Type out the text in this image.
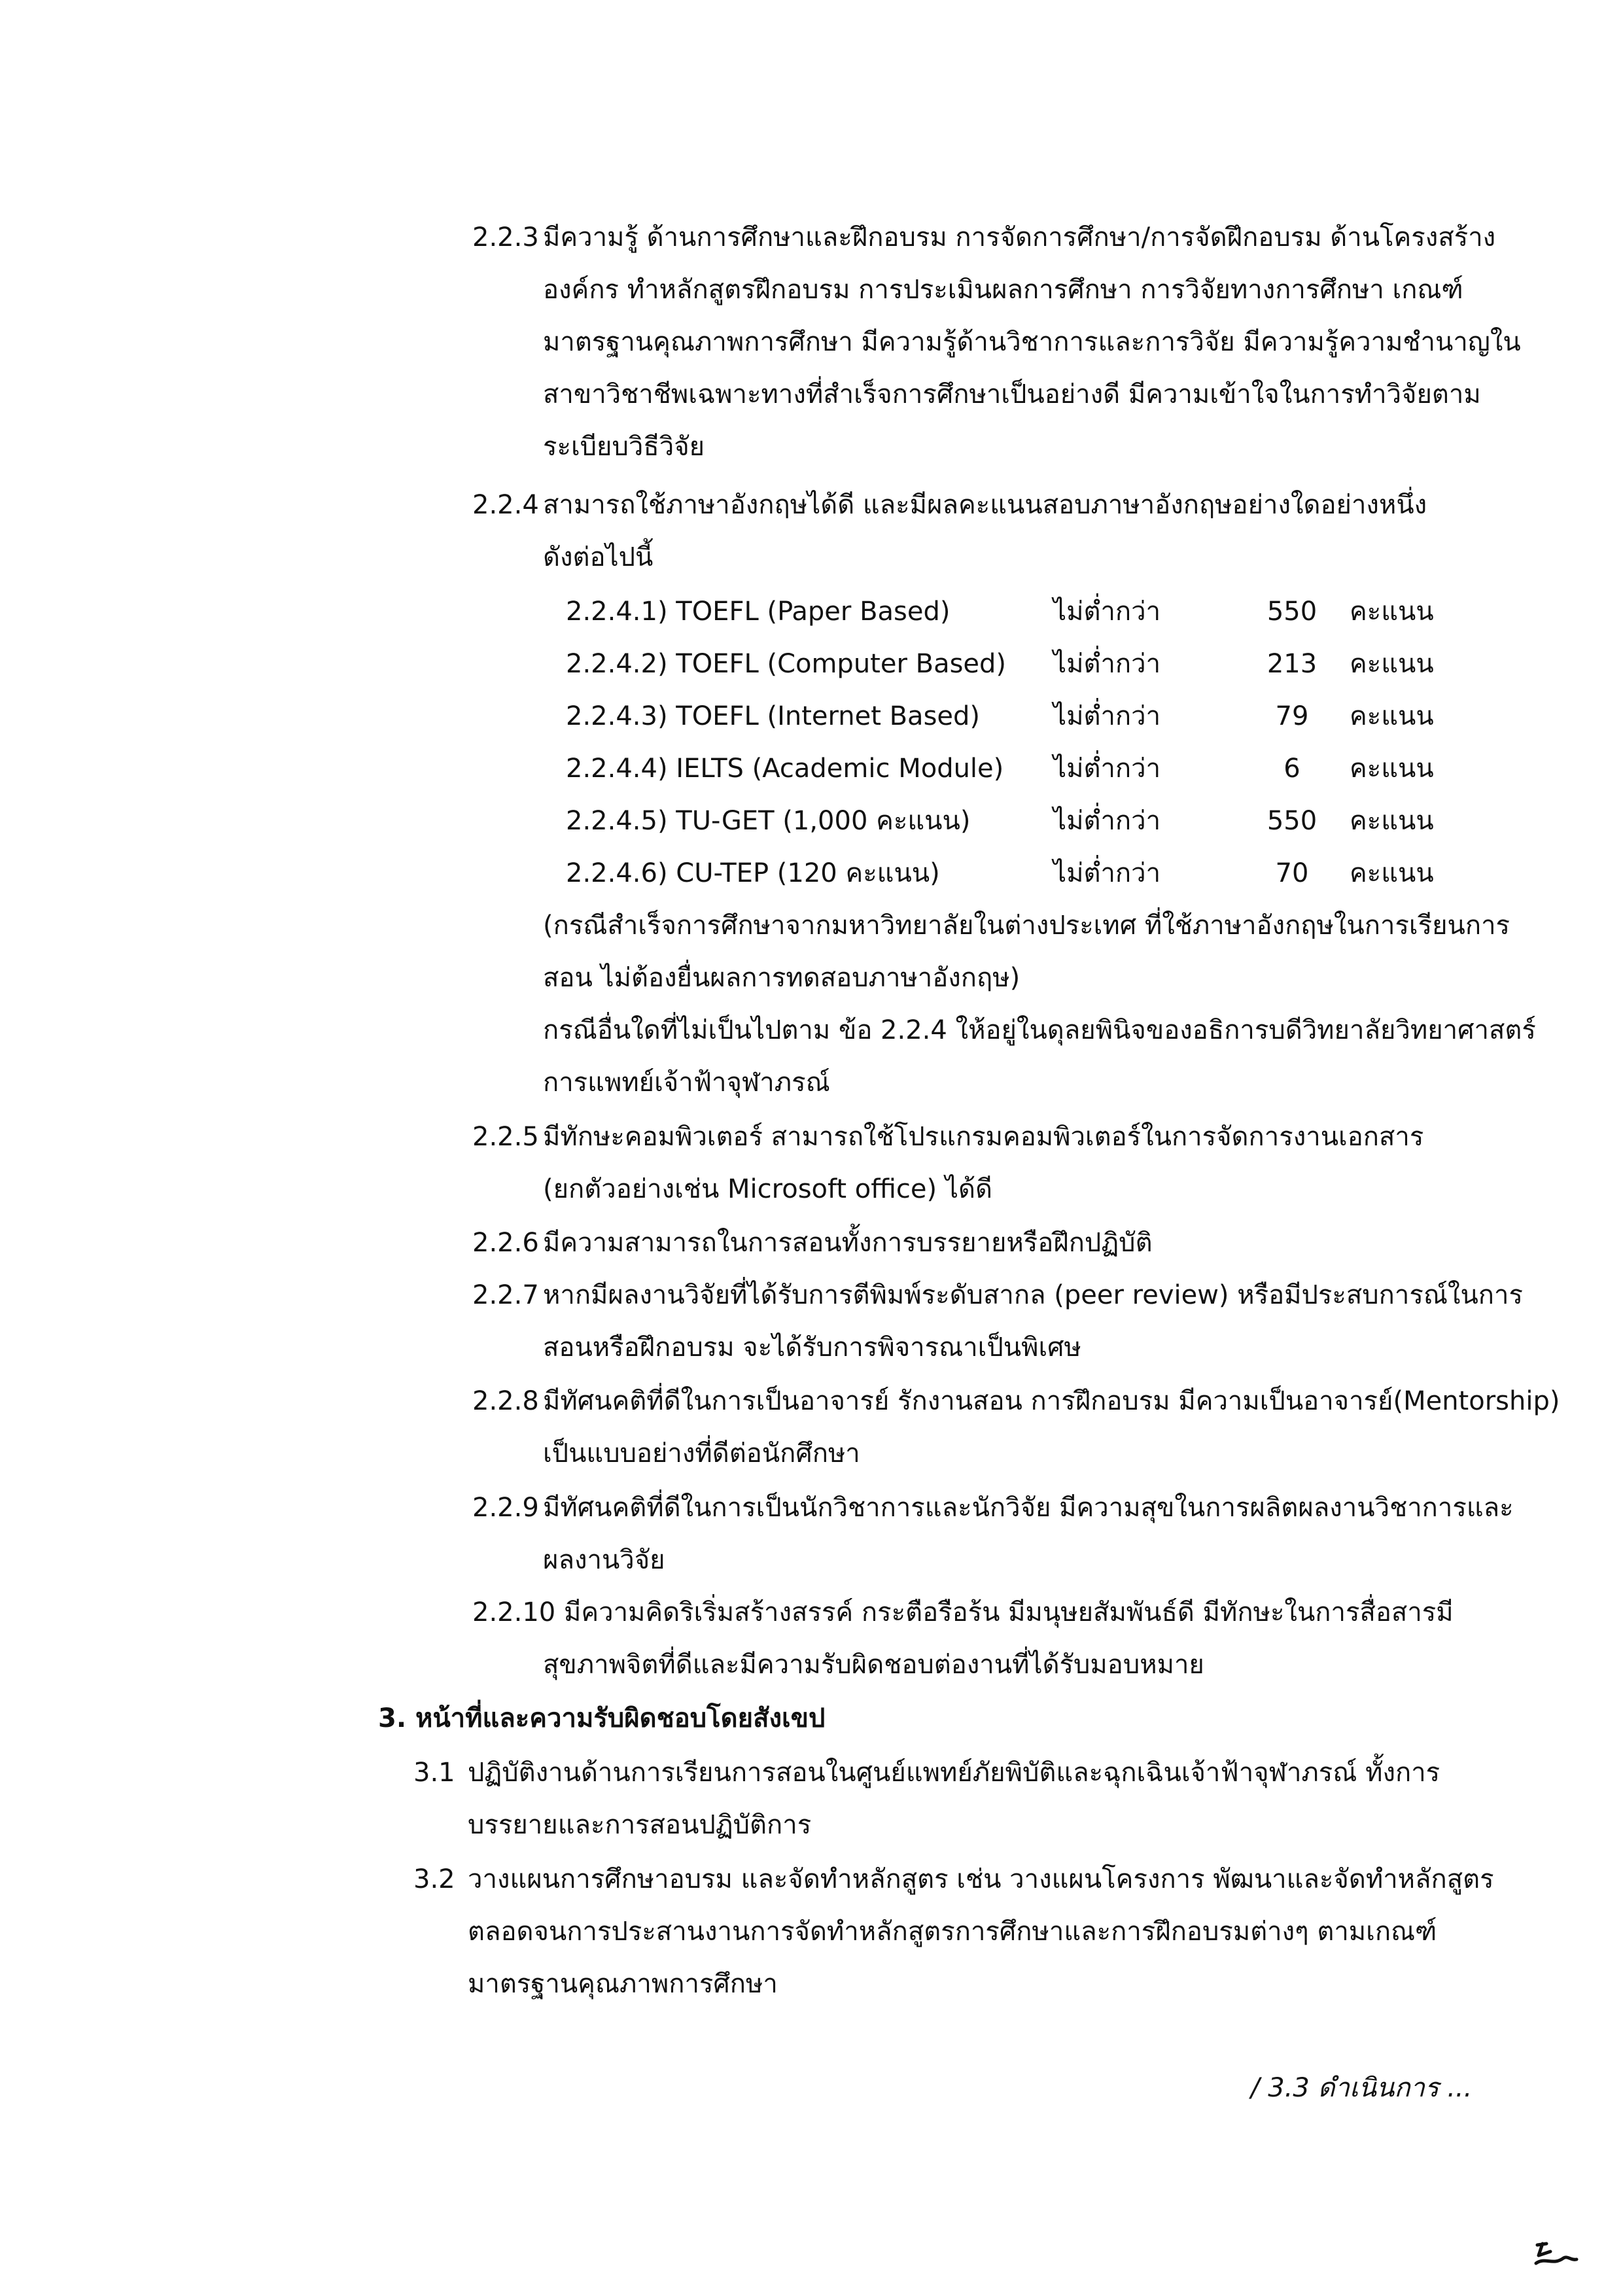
2.2.3 มีความรู้ ด้านการศึกษาและฝึกอบรม การจัดการศึกษา/การจัดฝึกอบรม ด้านโครงสร้าง
องค์กร ทำหลักสูตรฝึกอบรม การประเมินผลการศึกษา การวิจัยทางการศึกษา เกณฑ์
มาตรฐานคุณภาพการศึกษา มีความรู้ด้านวิชาการและการวิจัย มีความรู้ความชำนาญใน
สาขาวิชาชีพเฉพาะทางที่สำเร็จการศึกษาเป็นอย่างดี มีความเข้าใจในการทำวิจัยตาม
ระเบียบวิธีวิจัย
2.2.4 สามารถใช้ภาษาอังกฤษได้ดี และมีผลคะแนนสอบภาษาอังกฤษอย่างใดอย่างหนึ่ง
ดังต่อไปนี้
2.2.4.1) TOEFL (Paper Based)	ไม่ต่ำกว่า	550	คะแนน
2.2.4.2) TOEFL (Computer Based) ไม่ต่ำกว่า	213	คะแนน
2.2.4.3) TOEFL (Internet Based)	ไม่ต่ำกว่า	79	คะแนน
2.2.4.4) IELTS (Academic Module) ไม่ต่ำกว่า	6	คะแนน
2.2.4.5) TU-GET (1,000 คะแนน)	ไม่ต่ำกว่า	550	คะแนน
2.2.4.6) CU-TEP (120 คะแนน)	ไม่ต่ำกว่า	70	คะแนน
(กรณีสำเร็จการศึกษาจากมหาวิทยาลัยในต่างประเทศ ที่ใช้ภาษาอังกฤษในการเรียนการ
สอน ไม่ต้องยื่นผลการทดสอบภาษาอังกฤษ)
กรณีอื่นใดที่ไม่เป็นไปตาม ข้อ 2.2.4 ให้อยู่ในดุลยพินิจของอธิการบดีวิทยาลัยวิทยาศาสตร์
การแพทย์เจ้าฟ้าจุฬาภรณ์
2.2.5 มีทักษะคอมพิวเตอร์ สามารถใช้โปรแกรมคอมพิวเตอร์ในการจัดการงานเอกสาร
(ยกตัวอย่างเช่น Microsoft office) ได้ดี
2.2.6 มีความสามารถในการสอนทั้งการบรรยายหรือฝึกปฏิบัติ
2.2.7 หากมีผลงานวิจัยที่ได้รับการตีพิมพ์ระดับสากล (peer review) หรือมีประสบการณ์ในการ
สอนหรือฝึกอบรม จะได้รับการพิจารณาเป็นพิเศษ
2.2.8 มีทัศนคติที่ดีในการเป็นอาจารย์ รักงานสอน การฝึกอบรม มีความเป็นอาจารย์(Mentorship)
เป็นแบบอย่างที่ดีต่อนักศึกษา
2.2.9 มีทัศนคติที่ดีในการเป็นนักวิชาการและนักวิจัย มีความสุขในการผลิตผลงานวิชาการและ
ผลงานวิจัย
2.2.10 มีความคิดริเริ่มสร้างสรรค์ กระตือรือร้น มีมนุษยสัมพันธ์ดี มีทักษะในการสื่อสารมี
สุขภาพจิตที่ดีและมีความรับผิดชอบต่องานที่ได้รับมอบหมาย
3. หน้าที่และความรับผิดชอบโดยสังเขป
3.1 ปฏิบัติงานด้านการเรียนการสอนในศูนย์แพทย์ภัยพิบัติและฉุกเฉินเจ้าฟ้าจุฬาภรณ์ ทั้งการ
บรรยายและการสอนปฏิบัติการ
3.2 วางแผนการศึกษาอบรม และจัดทำหลักสูตร เช่น วางแผนโครงการ พัฒนาและจัดทำหลักสูตร
ตลอดจนการประสานงานการจัดทำหลักสูตรการศึกษาและการฝึกอบรมต่างๆ ตามเกณฑ์
มาตรฐานคุณภาพการศึกษา
/ 3.3 ดำเนินการ ...
